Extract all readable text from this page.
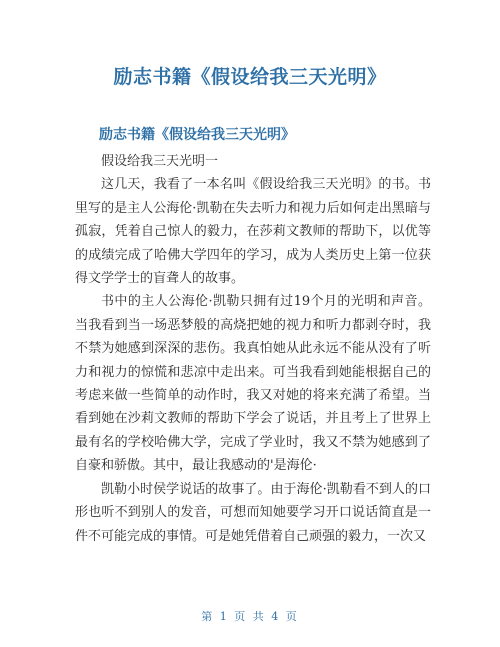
励志书籍《假设给我三天光明》
励志书籍《假设给我三天光明》

假设给我三天光明一

这几天，我看了一本名叫《假设给我三天光明》的书。书里写的是主人公海伦·凯勒在失去听力和视力后如何走出黑暗与孤寂，凭着自己惊人的毅力，在莎莉文教师的帮助下，以优等的成绩完成了哈佛大学四年的学习，成为人类历史上第一位获得文学学士的盲聋人的故事。

书中的主人公海伦·凯勒只拥有过19个月的光明和声音。当我看到当一场恶梦般的高烧把她的视力和听力都剥夺时，我不禁为她感到深深的悲伤。我真怕她从此永远不能从没有了听力和视力的惊慌和悲凉中走出来。可当我看到她能根据自己的考虑来做一些简单的动作时，我又对她的将来充满了希望。当看到她在沙莉文教师的帮助下学会了说话，并且考上了世界上最有名的学校哈佛大学，完成了学业时，我又不禁为她感到了自豪和骄傲。其中，最让我感动的'是海伦·

凯勒小时侯学说话的故事了。由于海伦·凯勒看不到人的口形也听不到别人的发音，可想而知她要学习开口说话简直是一件不可能完成的事情。可是她凭借着自己顽强的毅力，一次又

第 1 页 共 4 页
